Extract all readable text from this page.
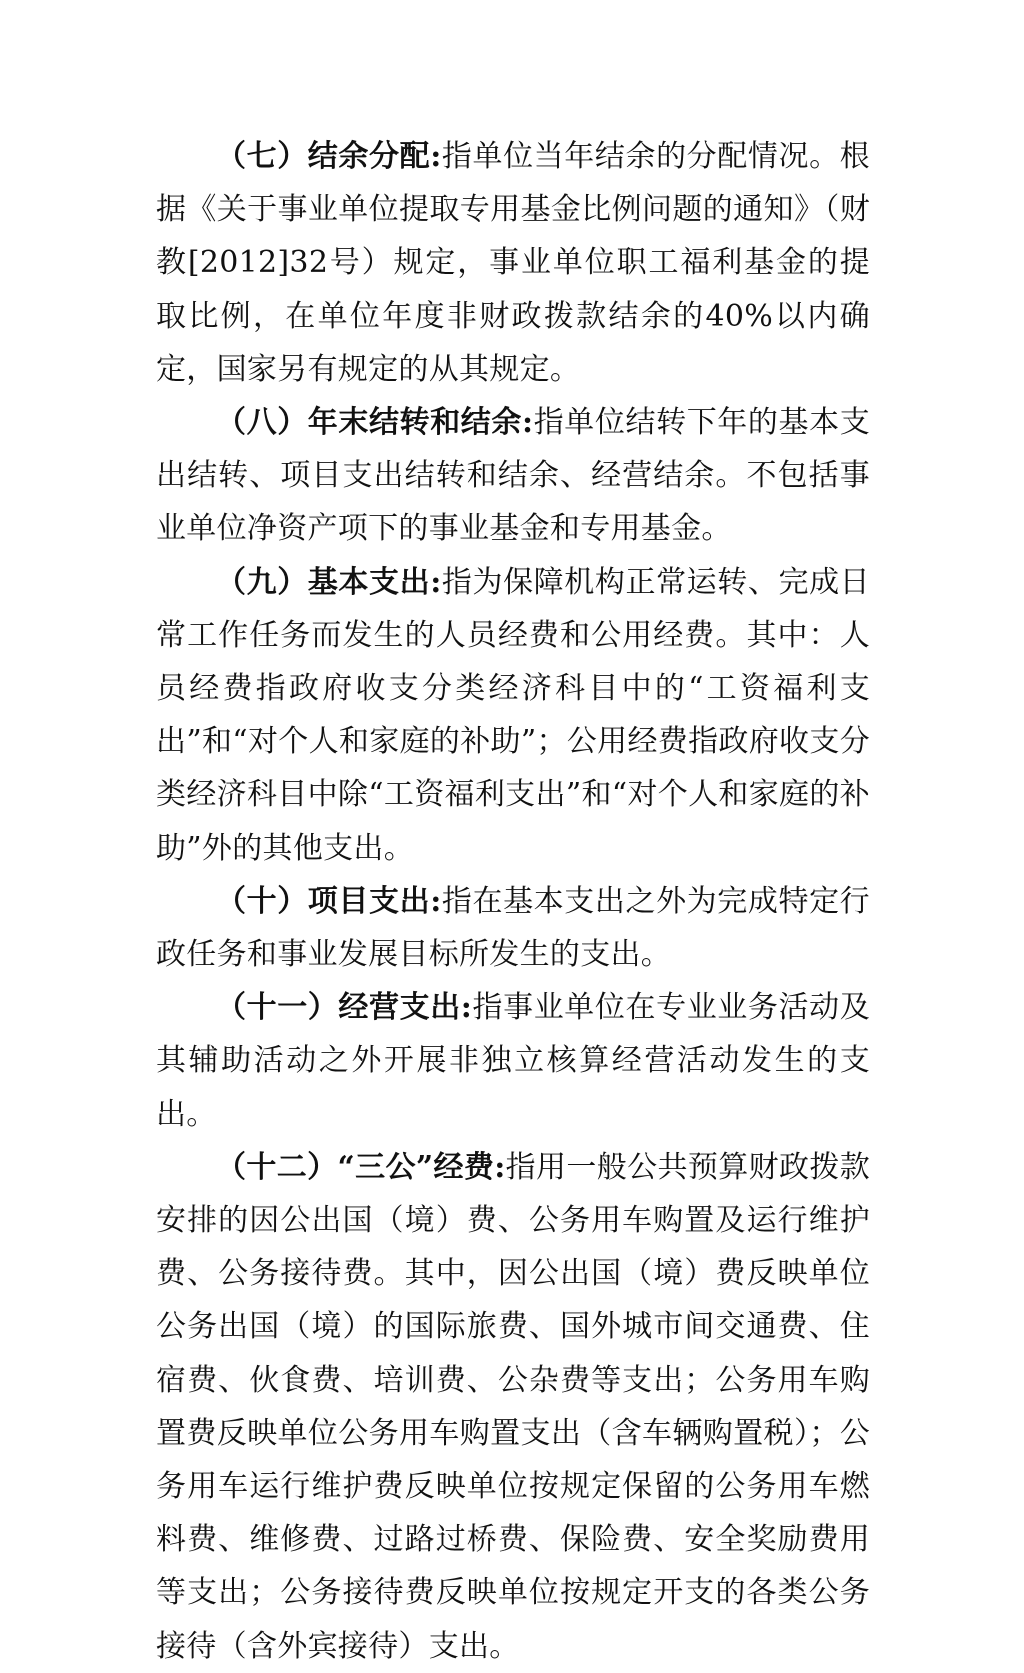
（七）结余分配:指单位当年结余的分配情况。根据《关于事业单位提取专用基金比例问题的通知》（财教[2012]32号）规定，事业单位职工福利基金的提取比例，在单位年度非财政拨款结余的40%以内确定，国家另有规定的从其规定。

（八）年末结转和结余:指单位结转下年的基本支出结转、项目支出结转和结余、经营结余。不包括事业单位净资产项下的事业基金和专用基金。

（九）基本支出:指为保障机构正常运转、完成日常工作任务而发生的人员经费和公用经费。其中：人员经费指政府收支分类经济科目中的“工资福利支出”和“对个人和家庭的补助”；公用经费指政府收支分类经济科目中除“工资福利支出”和“对个人和家庭的补助”外的其他支出。

（十）项目支出:指在基本支出之外为完成特定行政任务和事业发展目标所发生的支出。

（十一）经营支出:指事业单位在专业业务活动及其辅助活动之外开展非独立核算经营活动发生的支出。

（十二）“三公”经费:指用一般公共预算财政拨款安排的因公出国（境）费、公务用车购置及运行维护费、公务接待费。其中，因公出国（境）费反映单位公务出国（境）的国际旅费、国外城市间交通费、住宿费、伙食费、培训费、公杂费等支出；公务用车购置费反映单位公务用车购置支出（含车辆购置税）；公务用车运行维护费反映单位按规定保留的公务用车燃料费、维修费、过路过桥费、保险费、安全奖励费用等支出；公务接待费反映单位按规定开支的各类公务接待（含外宾接待）支出。
